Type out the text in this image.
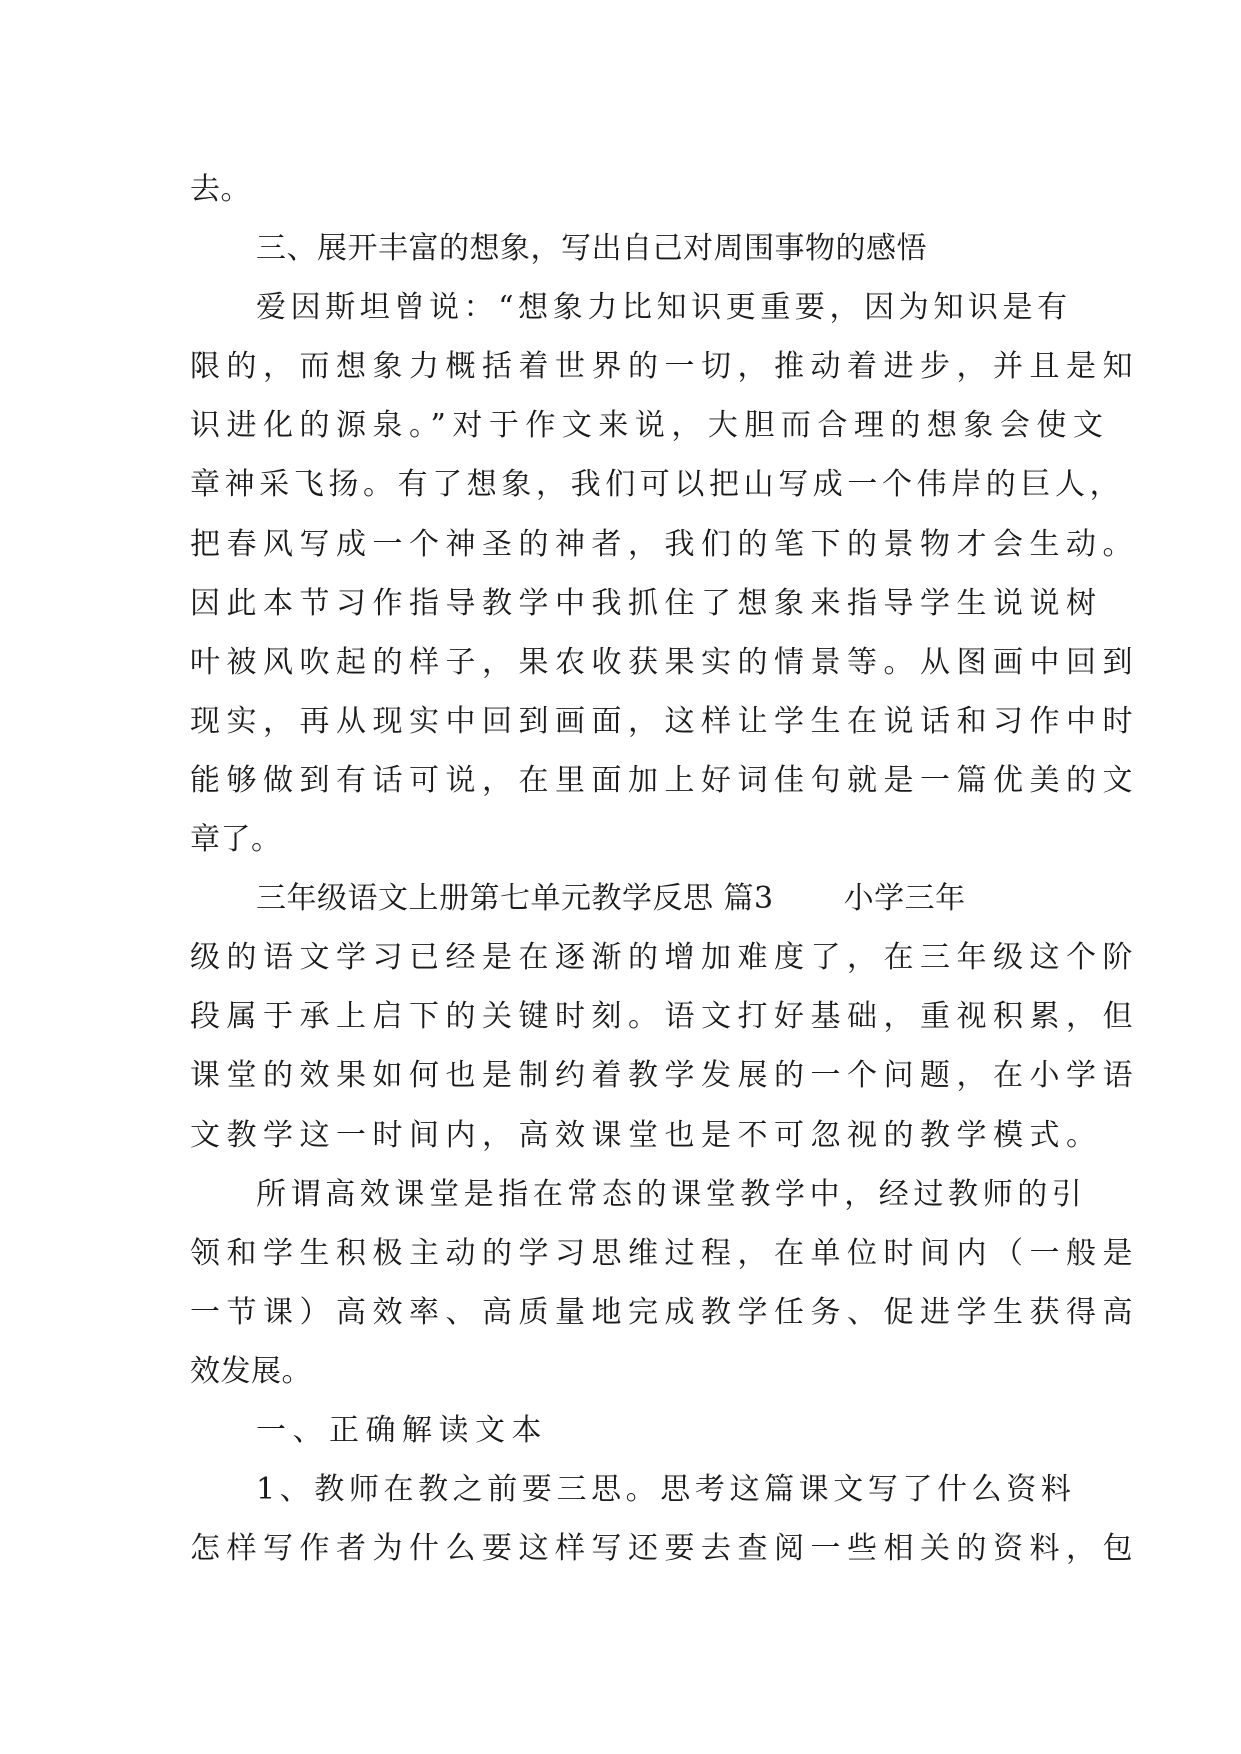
去。
三、展开丰富的想象，写出自己对周围事物的感悟
爱因斯坦曾说：“想象力比知识更重要，因为知识是有
限的，而想象力概括着世界的一切，推动着进步，并且是知
识进化的源泉。”对于作文来说，大胆而合理的想象会使文
章神采飞扬。有了想象，我们可以把山写成一个伟岸的巨人，
把春风写成一个神圣的神者，我们的笔下的景物才会生动。
因此本节习作指导教学中我抓住了想象来指导学生说说树
叶被风吹起的样子，果农收获果实的情景等。从图画中回到
现实，再从现实中回到画面，这样让学生在说话和习作中时
能够做到有话可说，在里面加上好词佳句就是一篇优美的文
章了。
三年级语文上册第七单元教学反思 篇3 小学三年
级的语文学习已经是在逐渐的增加难度了，在三年级这个阶
段属于承上启下的关键时刻。语文打好基础，重视积累，但
课堂的效果如何也是制约着教学发展的一个问题，在小学语
文教学这一时间内，高效课堂也是不可忽视的教学模式。
所谓高效课堂是指在常态的课堂教学中，经过教师的引
领和学生积极主动的学习思维过程，在单位时间内（一般是
一节课）高效率、高质量地完成教学任务、促进学生获得高
效发展。
一、正确解读文本
1、教师在教之前要三思。思考这篇课文写了什么资料
怎样写作者为什么要这样写还要去查阅一些相关的资料，包
